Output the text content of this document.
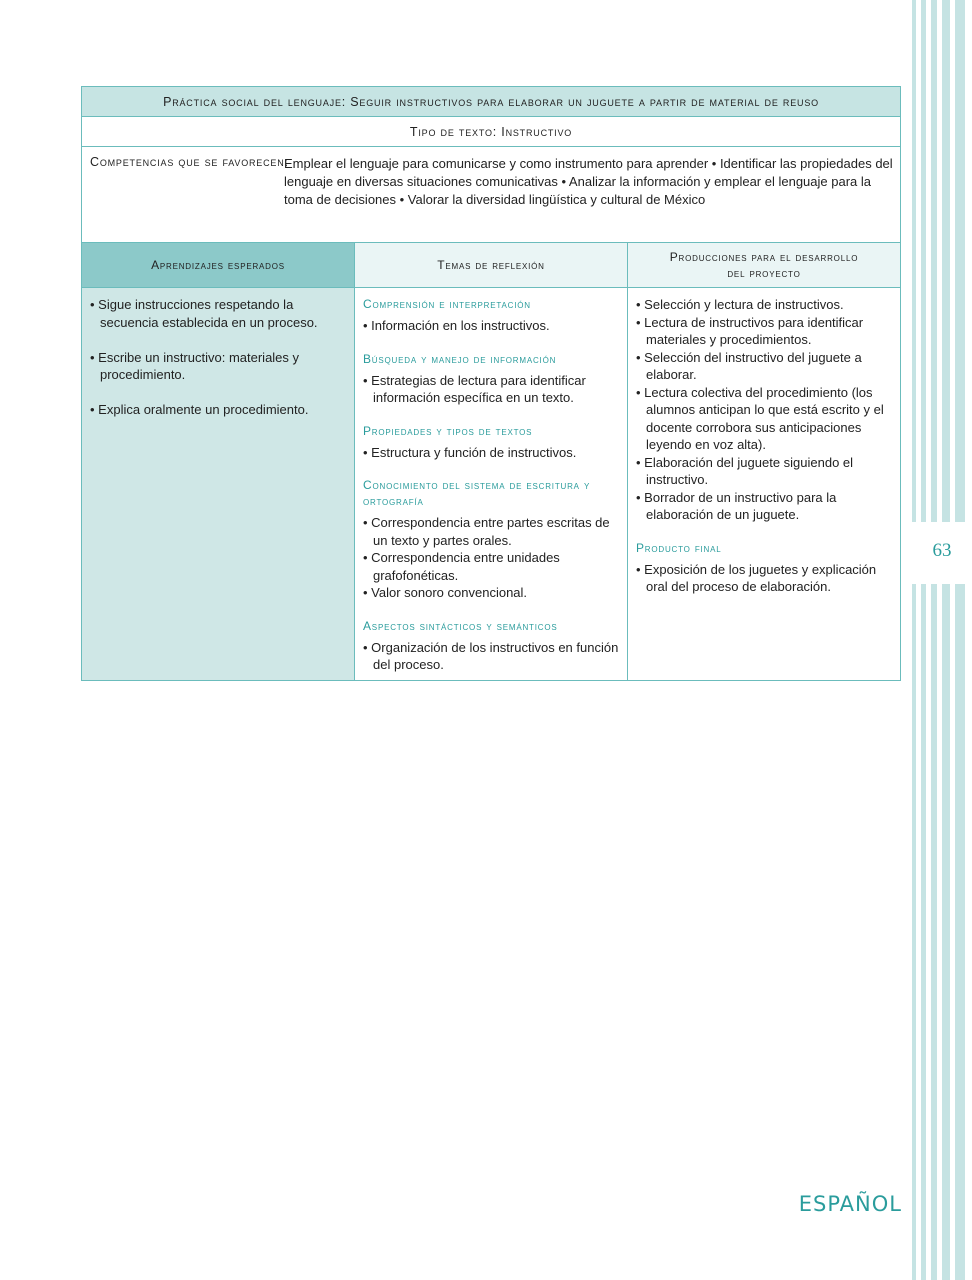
63
ESPAÑOL
Práctica social del lenguaje: Seguir instructivos para elaborar un juguete a partir de material de reuso
Tipo de texto: Instructivo
Competencias que se favorecen:
Emplear el lenguaje para comunicarse y como instrumento para aprender • Identificar las propiedades del lenguaje en diversas situaciones comunicativas • Analizar la información y emplear el lenguaje para la toma de decisiones • Valorar la diversidad lingüística y cultural de México
Aprendizajes esperados	Temas de reflexión
Producciones para el desarrollo
del proyecto
• Sigue instrucciones respetando la secuencia establecida en un proceso.
• Escribe un instructivo: materiales y procedimiento.
• Explica oralmente un procedimiento.
Comprensión e interpretación
• Información en los instructivos.
Búsqueda y manejo de información
• Estrategias de lectura para identificar información específica en un texto.
Propiedades y tipos de textos
• Estructura y función de instructivos.
Conocimiento del sistema de escritura y ortografía
• Correspondencia entre partes escritas de un texto y partes orales.
• Correspondencia entre unidades grafofonéticas.
• Valor sonoro convencional.
Aspectos sintácticos y semánticos
• Organización de los instructivos en función del proceso.
• Selección y lectura de instructivos.
• Lectura de instructivos para identificar materiales y procedimientos.
• Selección del instructivo del juguete a elaborar.
• Lectura colectiva del procedimiento (los alumnos anticipan lo que está escrito y el docente corrobora sus anticipaciones leyendo en voz alta).
• Elaboración del juguete siguiendo el instructivo.
• Borrador de un instructivo para la elaboración de un juguete.
Producto final
• Exposición de los juguetes y explicación oral del proceso de elaboración.
